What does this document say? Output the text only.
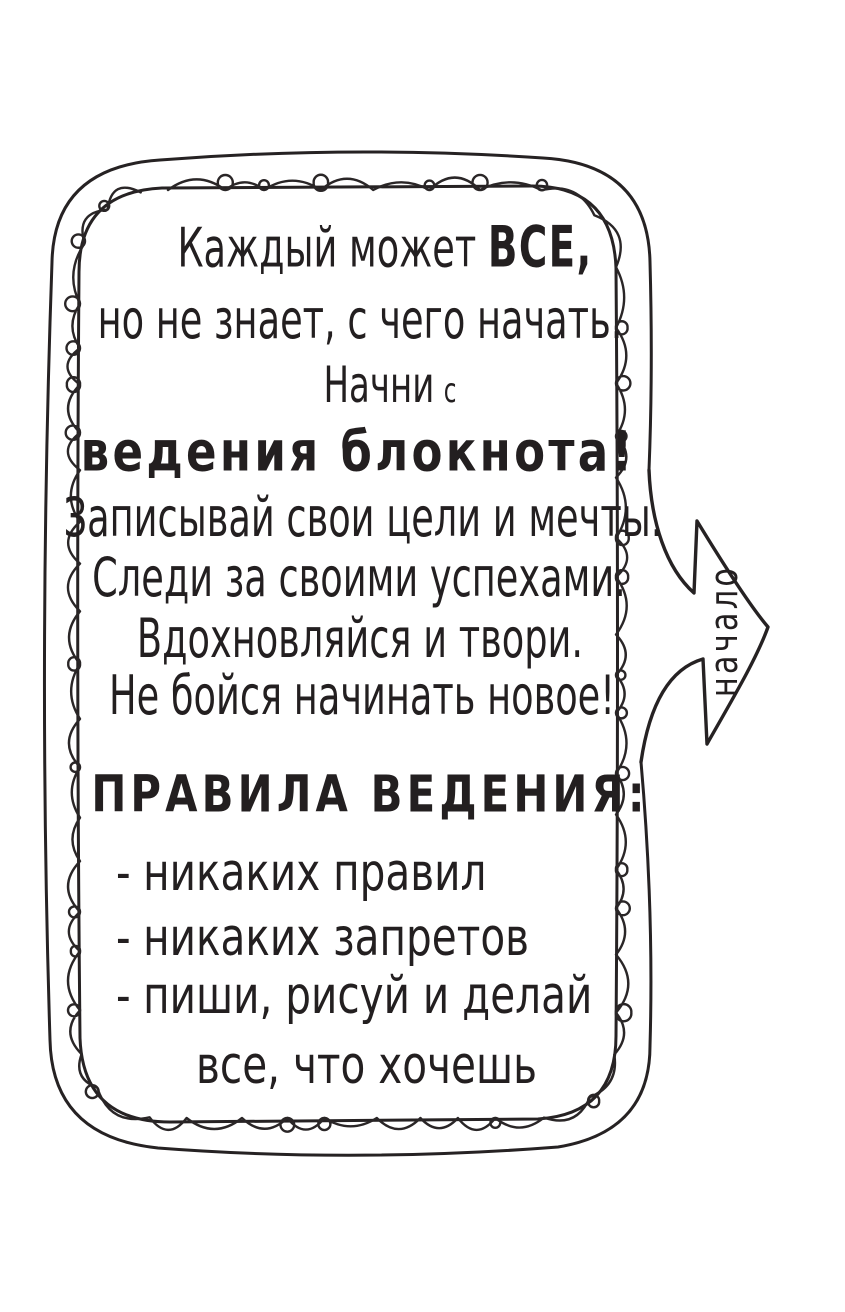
Каждый может ВСЕ,
но не знает, с чего начать.
Начни с
ведения блокнота!
Записывай свои цели и мечты.
Следи за своими успехами.
Вдохновляйся и твори.
Не бойся начинать новое!
ПРАВИЛА ВЕДЕНИЯ:
- никаких правил
- никаких запретов
- пиши, рисуй и делай
все, что хочешь
начало
